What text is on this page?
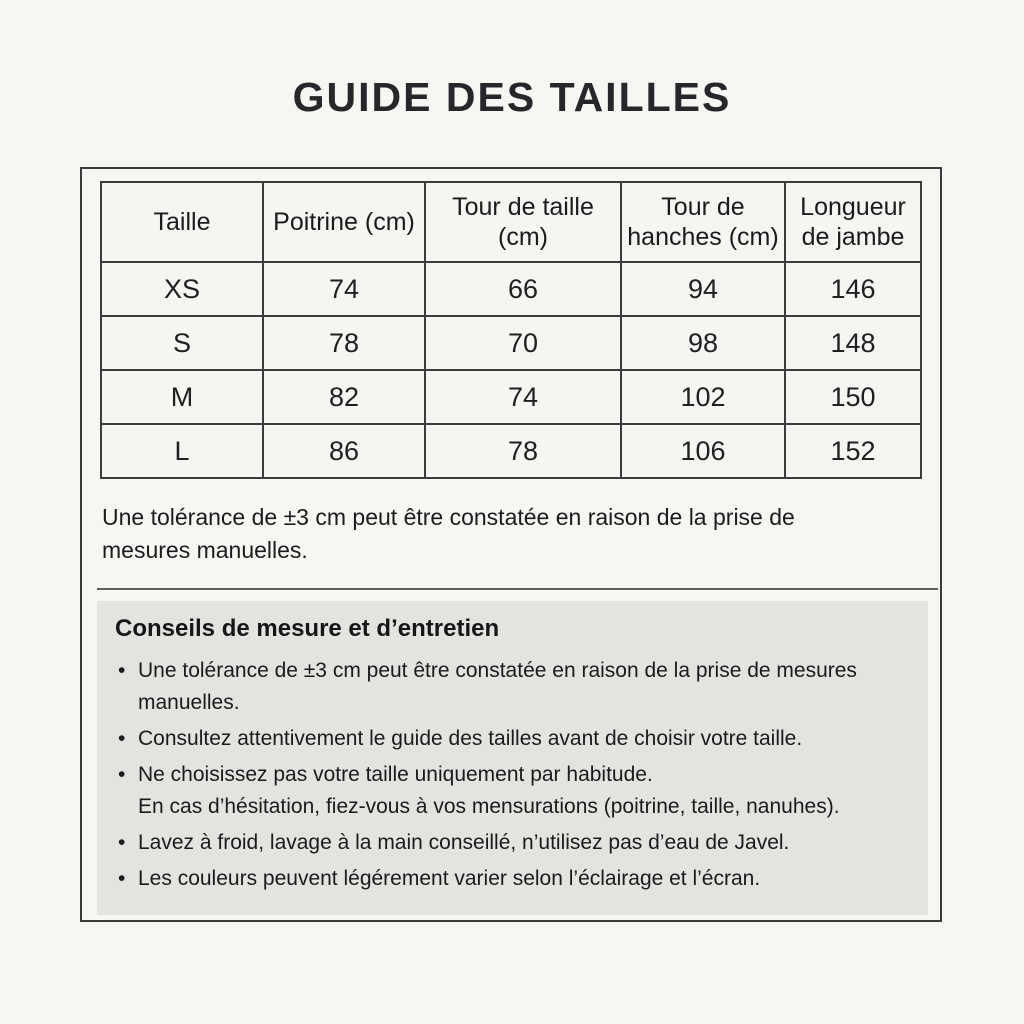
GUIDE DES TAILLES
Taille	Poitrine (cm)	Tour de taille (cm)	Tour de hanches (cm)	Longueur de jambe
XS	74	66	94	146
S	78	70	98	148
M	82	74	102	150
L	86	78	106	152

Une tolérance de ±3 cm peut être constatée en raison de la prise de mesures manuelles.

Conseils de mesure et d’entretien
• Une tolérance de ±3 cm peut être constatée en raison de la prise de mesures manuelles.
• Consultez attentivement le guide des tailles avant de choisir votre taille.
• Ne choisissez pas votre taille uniquement par habitude.
En cas d’hésitation, fiez-vous à vos mensurations (poitrine, taille, nanuhes).
• Lavez à froid, lavage à la main conseillé, n’utilisez pas d’eau de Javel.
• Les couleurs peuvent légérement varier selon l’éclairage et l’écran.
